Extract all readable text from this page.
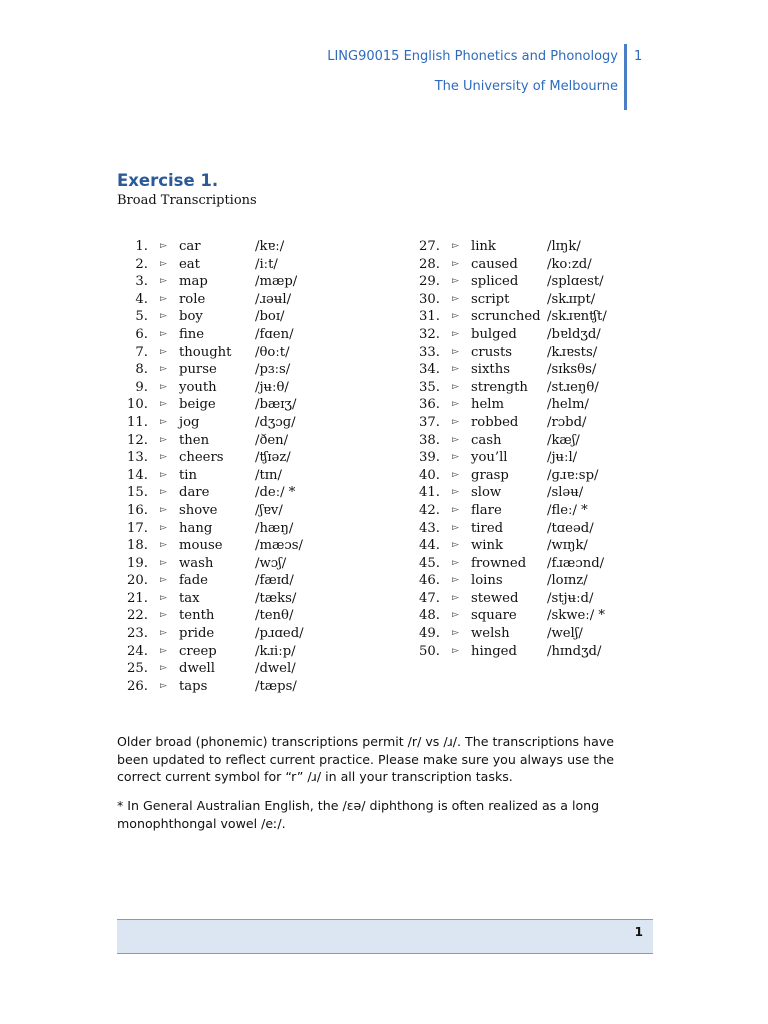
LING90015 English Phonetics and Phonology
The University of Melbourne
1
Exercise 1.
Broad Transcriptions
1. ▻ car	/kɐː/
2. ▻ eat	/iːt/
3. ▻ map	/mæp/
4. ▻ role	/ɹəʉl/
5. ▻ boy	/boɪ/
6. ▻ fine	/fɑen/
7. ▻ thought /θoːt/
8. ▻ purse	/pɜːs/
9. ▻ youth	/jʉːθ/
10. ▻ beige	/bæɪʒ/
11. ▻ jog	/dʒɔɡ/
12. ▻ then	/ðen/
13. ▻ cheers /ʧɪəz/
14. ▻ tin	/tɪn/
15. ▻ dare	/deː/ *
16. ▻ shove	/ʃɐv/
17. ▻ hang	/hæŋ/
18. ▻ mouse /mæɔs/
19. ▻ wash	/wɔʃ/
20. ▻ fade	/fæɪd/
21. ▻ tax	/tæks/
22. ▻ tenth	/tenθ/
23. ▻ pride	/pɹɑed/
24. ▻ creep	/kɹiːp/
25. ▻ dwell	/dwel/
26. ▻ taps	/tæps/
27. ▻ link	/lɪŋk/
28. ▻ caused /koːzd/
29. ▻ spliced /splɑest/
30. ▻ script	/skɹɪpt/
31. ▻ scrunched /skɹɐnʧt/
32. ▻ bulged /bɐldʒd/
33. ▻ crusts	/kɹɐsts/
34. ▻ sixths	/sɪksθs/
35. ▻ strength /stɹeŋθ/
36. ▻ helm	/helm/
37. ▻ robbed /rɔbd/
38. ▻ cash	/kæʃ/
39. ▻ you’ll	/jʉːl/
40. ▻ grasp	/ɡɹɐːsp/
41. ▻ slow	/sləʉ/
42. ▻ flare	/fleː/ *
43. ▻ tired	/tɑeəd/
44. ▻ wink	/wɪŋk/
45. ▻ frowned /fɹæɔnd/
46. ▻ loins	/loɪnz/
47. ▻ stewed /stjʉːd/
48. ▻ square /skweː/ *
49. ▻ welsh	/welʃ/
50. ▻ hinged /hɪndʒd/
Older broad (phonemic) transcriptions permit /r/ vs /ɹ/. The transcriptions have been updated to reflect current practice. Please make sure you always use the correct current symbol for “r” /ɹ/ in all your transcription tasks.
* In General Australian English, the /ɛə/ diphthong is often realized as a long monophthongal vowel /eː/.
1
